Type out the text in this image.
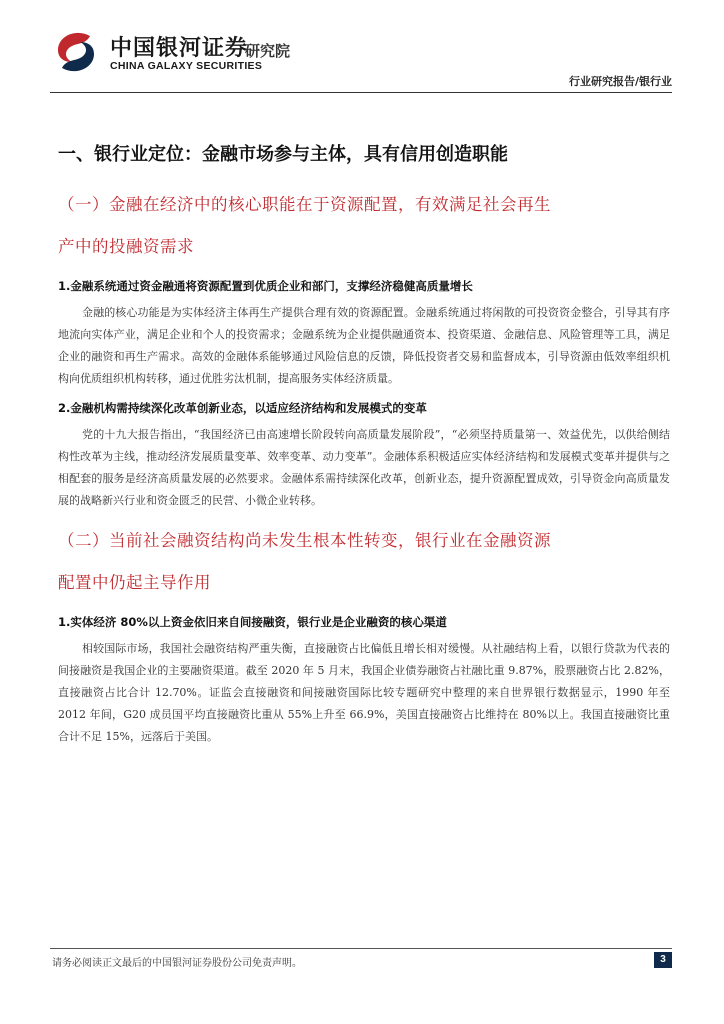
中国银河证券
CHINA GALAXY SECURITIES
研究院
行业研究报告/银行业
一、银行业定位：金融市场参与主体，具有信用创造职能

（一）金融在经济中的核心职能在于资源配置，有效满足社会再生

产中的投融资需求

1.金融系统通过资金融通将资源配置到优质企业和部门，支撑经济稳健高质量增长

金融的核心功能是为实体经济主体再生产提供合理有效的资源配置。金融系统通过将闲散的可投资资金整合，引导其有序地流向实体产业，满足企业和个人的投资需求；金融系统为企业提供融通资本、投资渠道、金融信息、风险管理等工具，满足企业的融资和再生产需求。高效的金融体系能够通过风险信息的反馈，降低投资者交易和监督成本，引导资源由低效率组织机构向优质组织机构转移，通过优胜劣汰机制，提高服务实体经济质量。

2.金融机构需持续深化改革创新业态，以适应经济结构和发展模式的变革

党的十九大报告指出，“我国经济已由高速增长阶段转向高质量发展阶段”，“必须坚持质量第一、效益优先，以供给侧结构性改革为主线，推动经济发展质量变革、效率变革、动力变革”。金融体系积极适应实体经济结构和发展模式变革并提供与之相配套的服务是经济高质量发展的必然要求。金融体系需持续深化改革，创新业态，提升资源配置成效，引导资金向高质量发展的战略新兴行业和资金匮乏的民营、小微企业转移。

（二）当前社会融资结构尚未发生根本性转变，银行业在金融资源

配置中仍起主导作用

1.实体经济 80%以上资金依旧来自间接融资，银行业是企业融资的核心渠道

相较国际市场，我国社会融资结构严重失衡，直接融资占比偏低且增长相对缓慢。从社融结构上看，以银行贷款为代表的间接融资是我国企业的主要融资渠道。截至 2020 年 5 月末，我国企业债券融资占社融比重 9.87%，股票融资占比 2.82%，直接融资占比合计 12.70%。证监会直接融资和间接融资国际比较专题研究中整理的来自世界银行数据显示，1990 年至 2012 年间，G20 成员国平均直接融资比重从 55%上升至 66.9%，美国直接融资占比维持在 80%以上。我国直接融资比重合计不足 15%，远落后于美国。

请务必阅读正文最后的中国银河证券股份公司免责声明。	3
